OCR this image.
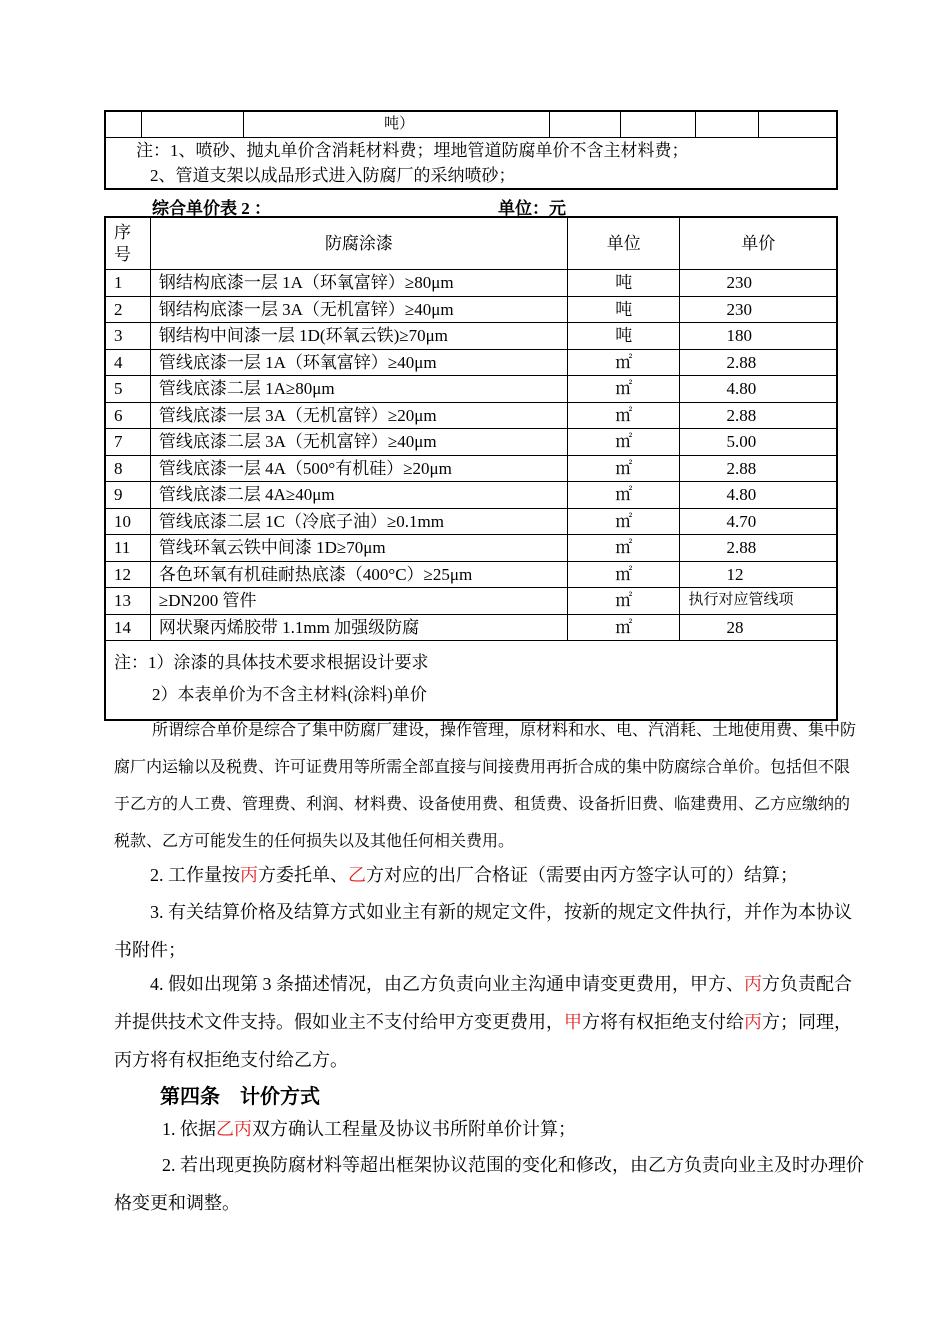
		吨）				

注：1、喷砂、抛丸单价含消耗材料费；埋地管道防腐单价不含主材料费；
2、管道支架以成品形式进入防腐厂的采纳喷砂；
综合单价表 2 ：	单位：元
序
号	防腐涂漆	单位	单价
1	钢结构底漆一层 1A（环氧富锌）≥80μm	吨	230
2	钢结构底漆一层 3A（无机富锌）≥40μm	吨	230
3	钢结构中间漆一层 1D(环氧云铁)≥70μm	吨	180
4	管线底漆一层 1A（环氧富锌）≥40μm	㎡	2.88
5	管线底漆二层 1A≥80μm	㎡	4.80
6	管线底漆一层 3A（无机富锌）≥20μm	㎡	2.88
7	管线底漆二层 3A（无机富锌）≥40μm	㎡	5.00
8	管线底漆一层 4A（500°有机硅）≥20μm	㎡	2.88
9	管线底漆二层 4A≥40μm	㎡	4.80
10	管线底漆二层 1C（冷底子油）≥0.1mm	㎡	4.70
11	管线环氧云铁中间漆 1D≥70μm	㎡	2.88
12	各色环氧有机硅耐热底漆（400°C）≥25μm	㎡	12
13	≥DN200 管件	㎡	执行对应管线项
14	网状聚丙烯胶带 1.1mm 加强级防腐	㎡	28

注：1）涂漆的具体技术要求根据设计要求
2）本表单价为不含主材料(涂料)单价			
所谓综合单价是综合了集中防腐厂建设，操作管理，原材料和水、电、汽消耗、土地使用费、集中防腐厂内运输以及税费、许可证费用等所需全部直接与间接费用再折合成的集中防腐综合单价。包括但不限于乙方的人工费、管理费、利润、材料费、设备使用费、租赁费、设备折旧费、临建费用、乙方应缴纳的税款、乙方可能发生的任何损失以及其他任何相关费用。
2. 工作量按丙方委托单、乙方对应的出厂合格证（需要由丙方签字认可的）结算；
3. 有关结算价格及结算方式如业主有新的规定文件，按新的规定文件执行，并作为本协议书附件；
4. 假如出现第 3 条描述情况，由乙方负责向业主沟通申请变更费用，甲方、丙方负责配合并提供技术文件支持。假如业主不支付给甲方变更费用，甲方将有权拒绝支付给丙方；同理，丙方将有权拒绝支付给乙方。
第四条　计价方式
1. 依据乙丙双方确认工程量及协议书所附单价计算；
2. 若出现更换防腐材料等超出框架协议范围的变化和修改，由乙方负责向业主及时办理价格变更和调整。
